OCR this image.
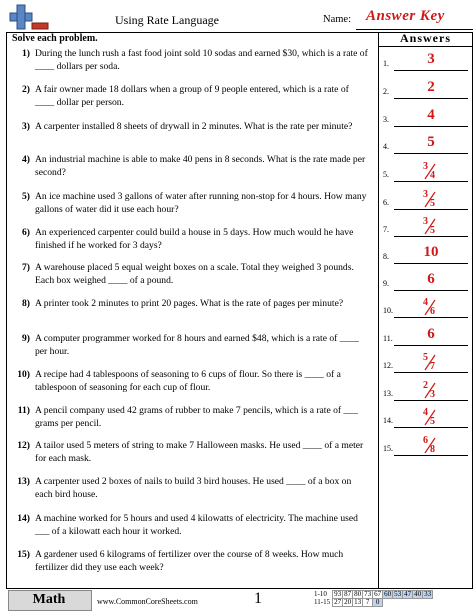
Using Rate Language	Name: Answer Key
Solve each problem.	Answers
1) During the lunch rush a fast food joint sold 10 sodas and earned $30, which is a rate of ____ dollars per soda.
2) A fair owner made 18 dollars when a group of 9 people entered, which is a rate of ____ dollar per person.
3) A carpenter installed 8 sheets of drywall in 2 minutes. What is the rate per minute?
4) An industrial machine is able to make 40 pens in 8 seconds. What is the rate made per second?
5) An ice machine used 3 gallons of water after running non-stop for 4 hours. How many gallons of water did it use each hour?
6) An experienced carpenter could build a house in 5 days. How much would he have finished if he worked for 3 days?
7) A warehouse placed 5 equal weight boxes on a scale. Total they weighed 3 pounds. Each box weighed ____ of a pound.
8) A printer took 2 minutes to print 20 pages. What is the rate of pages per minute?
9) A computer programmer worked for 8 hours and earned $48, which is a rate of ____ per hour.
10) A recipe had 4 tablespoons of seasoning to 6 cups of flour. So there is ____ of a tablespoon of seasoning for each cup of flour.
11) A pencil company used 42 grams of rubber to make 7 pencils, which is a rate of ___ grams per pencil.
12) A tailor used 5 meters of string to make 7 Halloween masks. He used ____ of a meter for each mask.
13) A carpenter used 2 boxes of nails to build 3 bird houses. He used ____ of a box on each bird house.
14) A machine worked for 5 hours and used 4 kilowatts of electricity. The machine used ___ of a kilowatt each hour it worked.
15) A gardener used 6 kilograms of fertilizer over the course of 8 weeks. How much fertilizer did they use each week?
1.	3
2.	2
3.	4
4.	5
5.
3
4
6.
3
5
7.
3
5
8.	10
9.	6
10.
4
6
11.	6
12.
5
7
13.
2
3
14.
4
5
15.
6
8
Math	www.CommonCoreSheets.com	1	1-10	93	87	80	73	67	60	53	47	40	33
11-15	27	20	13	7	0					
